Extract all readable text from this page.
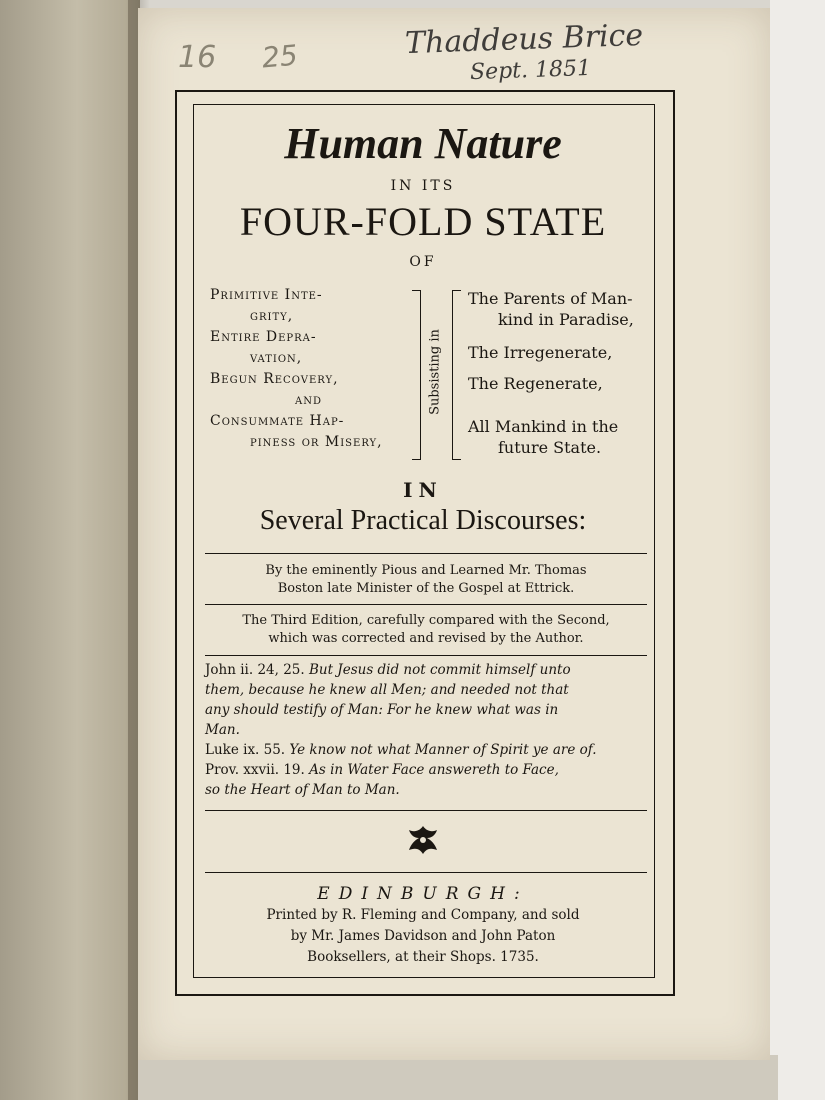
Thaddeus Brice
Sept. 1851
16 25
Human Nature
IN ITS
FOUR-FOLD STATE
OF
Primitive Inte-
grity,
Entire Depra-
vation,
Begun Recovery,
and
Consummate Hap-
piness or Misery,
Subsisting in
The Parents of Man-
kind in Paradise,
The Irregenerate,
The Regenerate,
All Mankind in the
future State.
IN
Several Practical Discourses:
By the eminently Pious and Learned Mr. Thomas
Boston late Minister of the Gospel at Ettrick.
The Third Edition, carefully compared with the Second,
which was corrected and revised by the Author.
John ii. 24, 25. But Jesus did not commit himself unto
them, because he knew all Men; and needed not that
any should testify of Man: For he knew what was in
Man.
Luke ix. 55. Ye know not what Manner of Spirit ye are of.
Prov. xxvii. 19. As in Water Face answereth to Face,
so the Heart of Man to Man.
EDINBURGH:
Printed by R. Fleming and Company, and sold
by Mr. James Davidson and John Paton
Booksellers, at their Shops. 1735.
